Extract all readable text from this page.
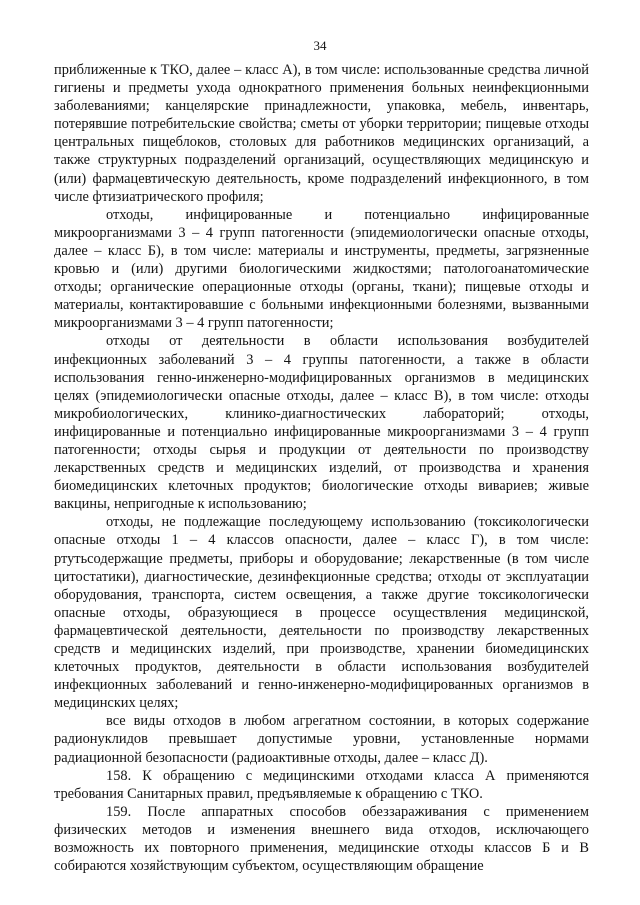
34

приближенные к ТКО, далее – класс А), в том числе: использованные средства личной гигиены и предметы ухода однократного применения больных неинфекционными заболеваниями; канцелярские принадлежности, упаковка, мебель, инвентарь, потерявшие потребительские свойства; сметы от уборки территории; пищевые отходы центральных пищеблоков, столовых для работников медицинских организаций, а также структурных подразделений организаций, осуществляющих медицинскую и (или) фармацевтическую деятельность, кроме подразделений инфекционного, в том числе фтизиатрического профиля;

отходы, инфицированные и потенциально инфицированные микроорганизмами 3 – 4 групп патогенности (эпидемиологически опасные отходы, далее – класс Б), в том числе: материалы и инструменты, предметы, загрязненные кровью и (или) другими биологическими жидкостями; патологоанатомические отходы; органические операционные отходы (органы, ткани); пищевые отходы и материалы, контактировавшие с больными инфекционными болезнями, вызванными микроорганизмами 3 – 4 групп патогенности;

отходы от деятельности в области использования возбудителей инфекционных заболеваний 3 – 4 группы патогенности, а также в области использования генно-инженерно-модифицированных организмов в медицинских целях (эпидемиологически опасные отходы, далее – класс В), в том числе: отходы микробиологических, клинико-диагностических лабораторий; отходы, инфицированные и потенциально инфицированные микроорганизмами 3 – 4 групп патогенности; отходы сырья и продукции от деятельности по производству лекарственных средств и медицинских изделий, от производства и хранения биомедицинских клеточных продуктов; биологические отходы вивариев; живые вакцины, непригодные к использованию;

отходы, не подлежащие последующему использованию (токсикологически опасные отходы 1 – 4 классов опасности, далее – класс Г), в том числе: ртутьсодержащие предметы, приборы и оборудование; лекарственные (в том числе цитостатики), диагностические, дезинфекционные средства; отходы от эксплуатации оборудования, транспорта, систем освещения, а также другие токсикологически опасные отходы, образующиеся в процессе осуществления медицинской, фармацевтической деятельности, деятельности по производству лекарственных средств и медицинских изделий, при производстве, хранении биомедицинских клеточных продуктов, деятельности в области использования возбудителей инфекционных заболеваний и генно-инженерно-модифицированных организмов в медицинских целях;

все виды отходов в любом агрегатном состоянии, в которых содержание радионуклидов превышает допустимые уровни, установленные нормами радиационной безопасности (радиоактивные отходы, далее – класс Д).

158. К обращению с медицинскими отходами класса А применяются требования Санитарных правил, предъявляемые к обращению с ТКО.

159. После аппаратных способов обеззараживания с применением физических методов и изменения внешнего вида отходов, исключающего возможность их повторного применения, медицинские отходы классов Б и В собираются хозяйствующим субъектом, осуществляющим обращение
